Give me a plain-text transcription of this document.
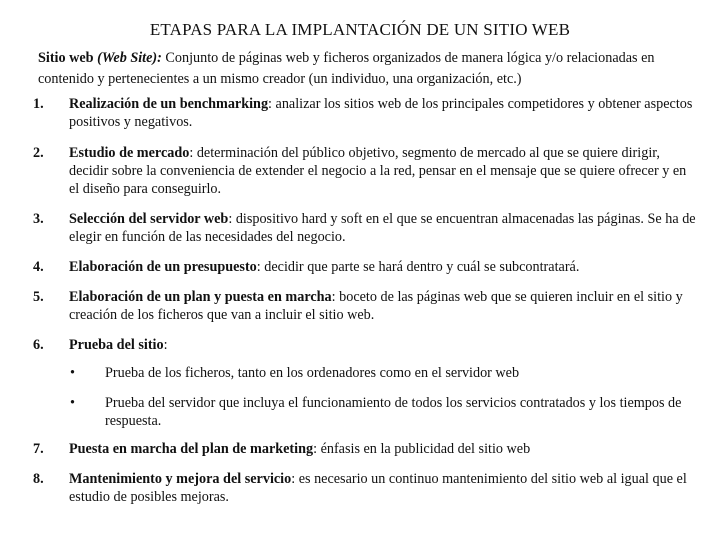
ETAPAS PARA LA IMPLANTACIÓN DE UN SITIO WEB
Sitio web (Web Site): Conjunto de páginas web y ficheros organizados de manera lógica y/o relacionadas en contenido y pertenecientes a un mismo creador (un individuo, una organización, etc.)
1. Realización de un benchmarking: analizar los sitios web de los principales competidores y obtener aspectos positivos y negativos.
2. Estudio de mercado: determinación del público objetivo, segmento de mercado al que se quiere dirigir, decidir sobre la conveniencia de extender el negocio a la red, pensar en el mensaje que se quiere ofrecer y en el diseño para conseguirlo.
3. Selección del servidor web: dispositivo hard y soft en el que se encuentran almacenadas las páginas. Se ha de elegir en función de las necesidades del negocio.
4. Elaboración de un presupuesto: decidir que parte se hará dentro y cuál se subcontratará.
5. Elaboración de un plan y puesta en marcha: boceto de las páginas web que se quieren incluir en el sitio y creación de los ficheros que van a incluir el sitio web.
6. Prueba del sitio:
• Prueba de los ficheros, tanto en los ordenadores como en el servidor web
• Prueba del servidor que incluya el funcionamiento de todos los servicios contratados y los tiempos de respuesta.
7. Puesta en marcha del plan de marketing: énfasis en la publicidad del sitio web
8. Mantenimiento y mejora del servicio: es necesario un continuo mantenimiento del sitio web al igual que el estudio de posibles mejoras.
